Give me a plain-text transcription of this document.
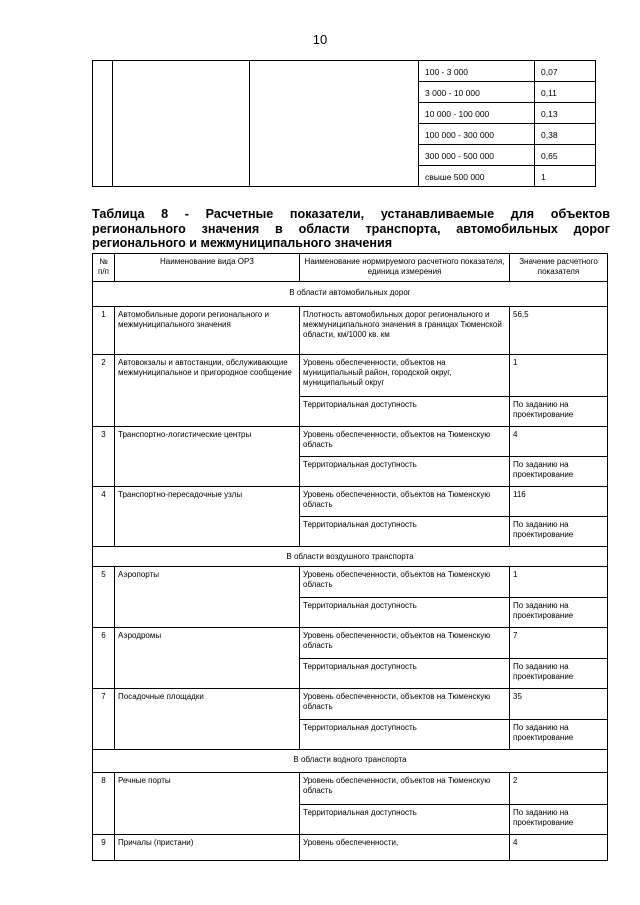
10
			100 - 3 000	0,07
			3 000 - 10 000	0,11
			10 000 - 100 000	0,13
			100 000 - 300 000	0,38
			300 000 - 500 000	0,65
			свыше 500 000	1
Таблица 8 - Расчетные показатели, устанавливаемые для объектов
регионального значения в области транспорта, автомобильных дорог
регионального и межмуниципального значения
№ п/п	Наименование вида ОРЗ	Наименование нормируемого расчетного показателя, единица измерения	Значение расчетного показателя
В области автомобильных дорог			
1	Автомобильные дороги регионального и межмуниципального значения	Плотность автомобильных дорог регионального и межмуниципального значения в границах Тюменской области, км/1000 кв. км	56,5
2	Автовокзалы и автостанции, обслуживающие межмуниципальное и пригородное сообщение	Уровень обеспеченности, объектов на муниципальный район, городской округ, муниципальный округ	1
		Территориальная доступность	По заданию на проектирование
3	Транспортно-логистические центры	Уровень обеспеченности, объектов на Тюменскую область	4
		Территориальная доступность	По заданию на проектирование
4	Транспортно-пересадочные узлы	Уровень обеспеченности, объектов на Тюменскую область	116
		Территориальная доступность	По заданию на проектирование
В области воздушного транспорта			
5	Аэропорты	Уровень обеспеченности, объектов на Тюменскую область	1
		Территориальная доступность	По заданию на проектирование
6	Аэродромы	Уровень обеспеченности, объектов на Тюменскую область	7
		Территориальная доступность	По заданию на проектирование
7	Посадочные площадки	Уровень обеспеченности, объектов на Тюменскую область	35
		Территориальная доступность	По заданию на проектирование
В области водного транспорта			
8	Речные порты	Уровень обеспеченности, объектов на Тюменскую область	2
		Территориальная доступность	По заданию на проектирование
9	Причалы (пристани)	Уровень обеспеченности,	4
